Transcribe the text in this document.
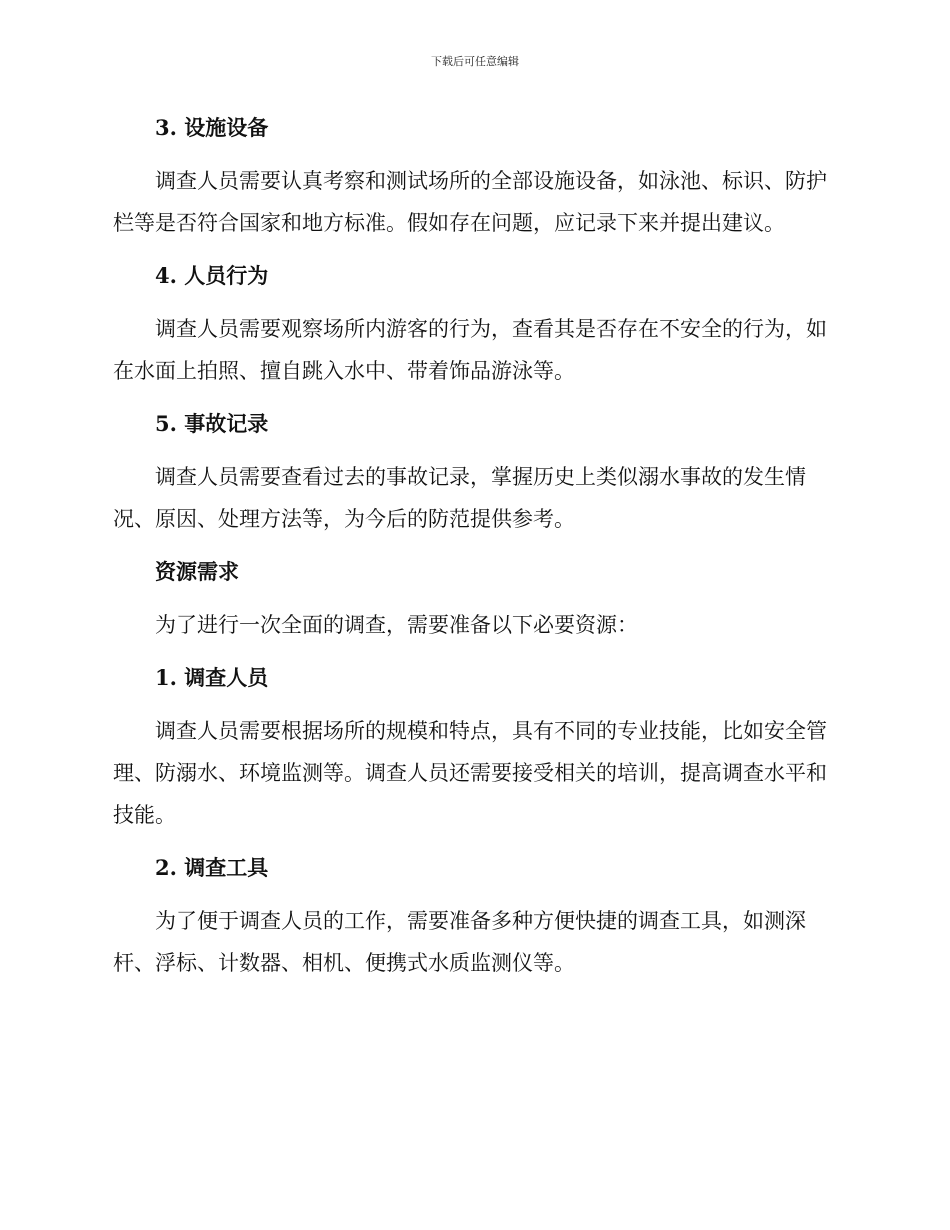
下载后可任意编辑
3. 设施设备

调查人员需要认真考察和测试场所的全部设施设备，如泳池、标识、防护栏等是否符合国家和地方标准。假如存在问题，应记录下来并提出建议。

4. 人员行为

调查人员需要观察场所内游客的行为，查看其是否存在不安全的行为，如在水面上拍照、擅自跳入水中、带着饰品游泳等。

5. 事故记录

调查人员需要查看过去的事故记录，掌握历史上类似溺水事故的发生情况、原因、处理方法等，为今后的防范提供参考。

资源需求

为了进行一次全面的调查，需要准备以下必要资源：

1. 调查人员

调查人员需要根据场所的规模和特点，具有不同的专业技能，比如安全管理、防溺水、环境监测等。调查人员还需要接受相关的培训，提高调查水平和技能。

2. 调查工具

为了便于调查人员的工作，需要准备多种方便快捷的调查工具，如测深杆、浮标、计数器、相机、便携式水质监测仪等。
